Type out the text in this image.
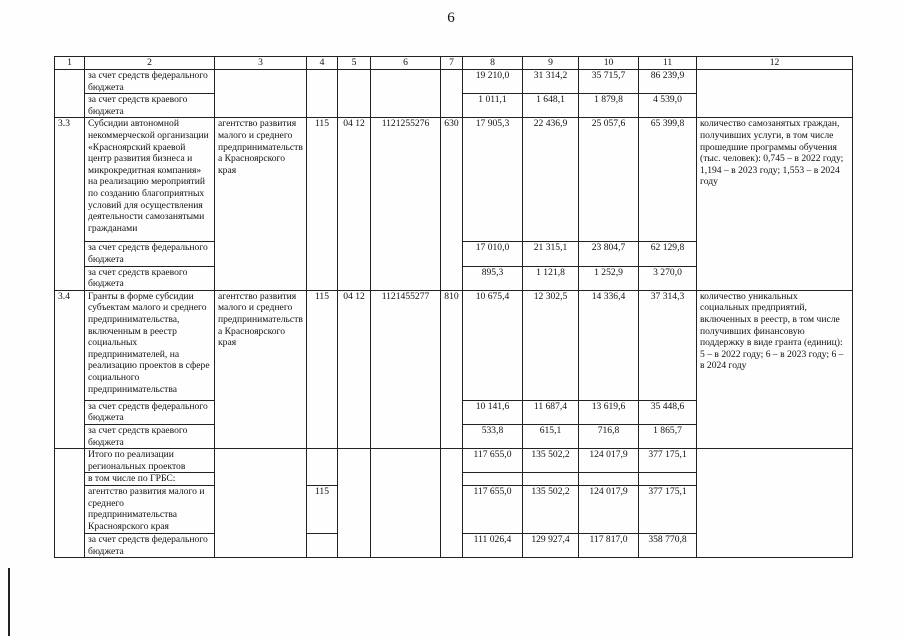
6
1	2	3	4	5	6	7	8	9	10	11	12
	за счет средств федерального бюджета						19 210,0	31 314,2	35 715,7	86 239,9	
	за счет средств краевого бюджета						1 011,1	1 648,1	1 879,8	4 539,0	
3.3	Субсидии автономной некоммерческой организации «Красноярский краевой центр развития бизнеса и микрокредитная компания» на реализацию мероприятий по созданию благоприятных условий для осуществления деятельности самозанятыми гражданами	агентство развития малого и среднего предпринимательства Красноярского края	115	04 12	1121255276	630	17 905,3	22 436,9	25 057,6	65 399,8	количество самозанятых граждан, получивших услуги, в том числе прошедшие программы обучения (тыс. человек): 0,745 – в 2022 году; 1,194 – в 2023 году; 1,553 – в 2024 году
	за счет средств федерального бюджета						17 010,0	21 315,1	23 804,7	62 129,8	
	за счет средств краевого бюджета						895,3	1 121,8	1 252,9	3 270,0	
3.4	Гранты в форме субсидии субъектам малого и среднего предпринимательства, включенным в реестр социальных предпринимателей, на реализацию проектов в сфере социального предпринимательства	агентство развития малого и среднего предпринимательства Красноярского края	115	04 12	1121455277	810	10 675,4	12 302,5	14 336,4	37 314,3	количество уникальных социальных предприятий, включенных в реестр, в том числе получивших финансовую поддержку в виде гранта (единиц): 5 – в 2022 году; 6 – в 2023 году; 6 – в 2024 году
	за счет средств федерального бюджета						10 141,6	11 687,4	13 619,6	35 448,6	
	за счет средств краевого бюджета						533,8	615,1	716,8	1 865,7	
	Итого по реализации региональных проектов						117 655,0	135 502,2	124 017,9	377 175,1	
	в том числе по ГРБС:										
	агентство развития малого и среднего предпринимательства Красноярского края		115				117 655,0	135 502,2	124 017,9	377 175,1	
	за счет средств федерального бюджета						111 026,4	129 927,4	117 817,0	358 770,8	
